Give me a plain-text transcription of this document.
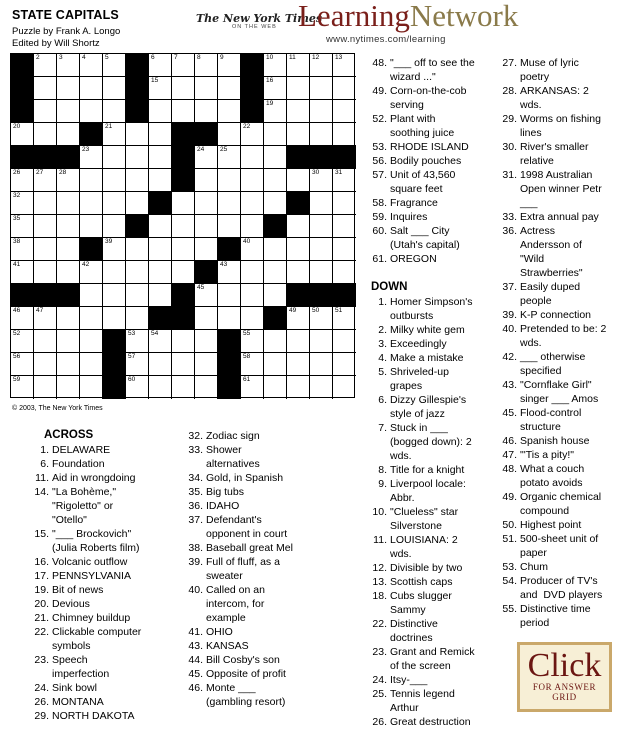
STATE CAPITALS
Puzzle by Frank A. Longo
Edited by Will Shortz
The New York Times
ON THE WEB LearningNetwork
www.nytimes.com/learning
2	3	4	5	6	7	8	9	10 11	12 13
15	16
19
20	21	22
23	24 25
26 27 28	30 31
32
35
38	39	40
41	42	43
45
46 47	49 50 51
52	53 54	55
56	57	58
59	60	61
© 2003, The New York Times
ACROSS
DOWN
1. DELAWARE
6. Foundation
11. Aid in wrongdoing
14. "La Bohème,"
"Rigoletto" or
"Otello"
15. "___ Brockovich"
(Julia Roberts film)
16. Volcanic outflow
17. PENNSYLVANIA
19. Bit of news
20. Devious
21. Chimney buildup
22. Clickable computer
symbols
23. Speech
imperfection
24. Sink bowl
26. MONTANA
29. NORTH DAKOTA
32. Zodiac sign
33. Shower
alternatives
34. Gold, in Spanish
35. Big tubs
36. IDAHO
37. Defendant's
opponent in court
38. Baseball great Mel
39. Full of fluff, as a
sweater
40. Called on an
intercom, for
example
41. OHIO
43. KANSAS
44. Bill Cosby's son
45. Opposite of profit
46. Monte ___
(gambling resort)
48. "___ off to see the
wizard ..."
49. Corn-on-the-cob
serving
52. Plant with
soothing juice
53. RHODE ISLAND
56. Bodily pouches
57. Unit of 43,560
square feet
58. Fragrance
59. Inquires
60. Salt ___ City
(Utah's capital)
61. OREGON
1. Homer Simpson's
outbursts
2. Milky white gem
3. Exceedingly
4. Make a mistake
5. Shriveled-up
grapes
6. Dizzy Gillespie's
style of jazz
7. Stuck in ___
(bogged down): 2
wds.
8. Title for a knight
9. Liverpool locale:
Abbr.
10. "Clueless" star
Silverstone
11. LOUISIANA: 2
wds.
12. Divisible by two
13. Scottish caps
18. Cubs slugger
Sammy
22. Distinctive
doctrines
23. Grant and Remick
of the screen
24. Itsy-___
25. Tennis legend
Arthur
26. Great destruction
27. Muse of lyric
poetry
28. ARKANSAS: 2
wds.
29. Worms on fishing
lines
30. River's smaller
relative
31. 1998 Australian
Open winner Petr
___
33. Extra annual pay
36. Actress
Andersson of
"Wild
Strawberries"
37. Easily duped
people
39. K-P connection
40. Pretended to be: 2
wds.
42. ___ otherwise
specified
43. "Cornflake Girl"
singer ___ Amos
45. Flood-control
structure
46. Spanish house
47. "'Tis a pity!"
48. What a couch
potato avoids
49. Organic chemical
compound
50. Highest point
51. 500-sheet unit of
paper
53. Chum
54. Producer of TV's
and  DVD players
55. Distinctive time
period
Click
FOR ANSWER
GRID
